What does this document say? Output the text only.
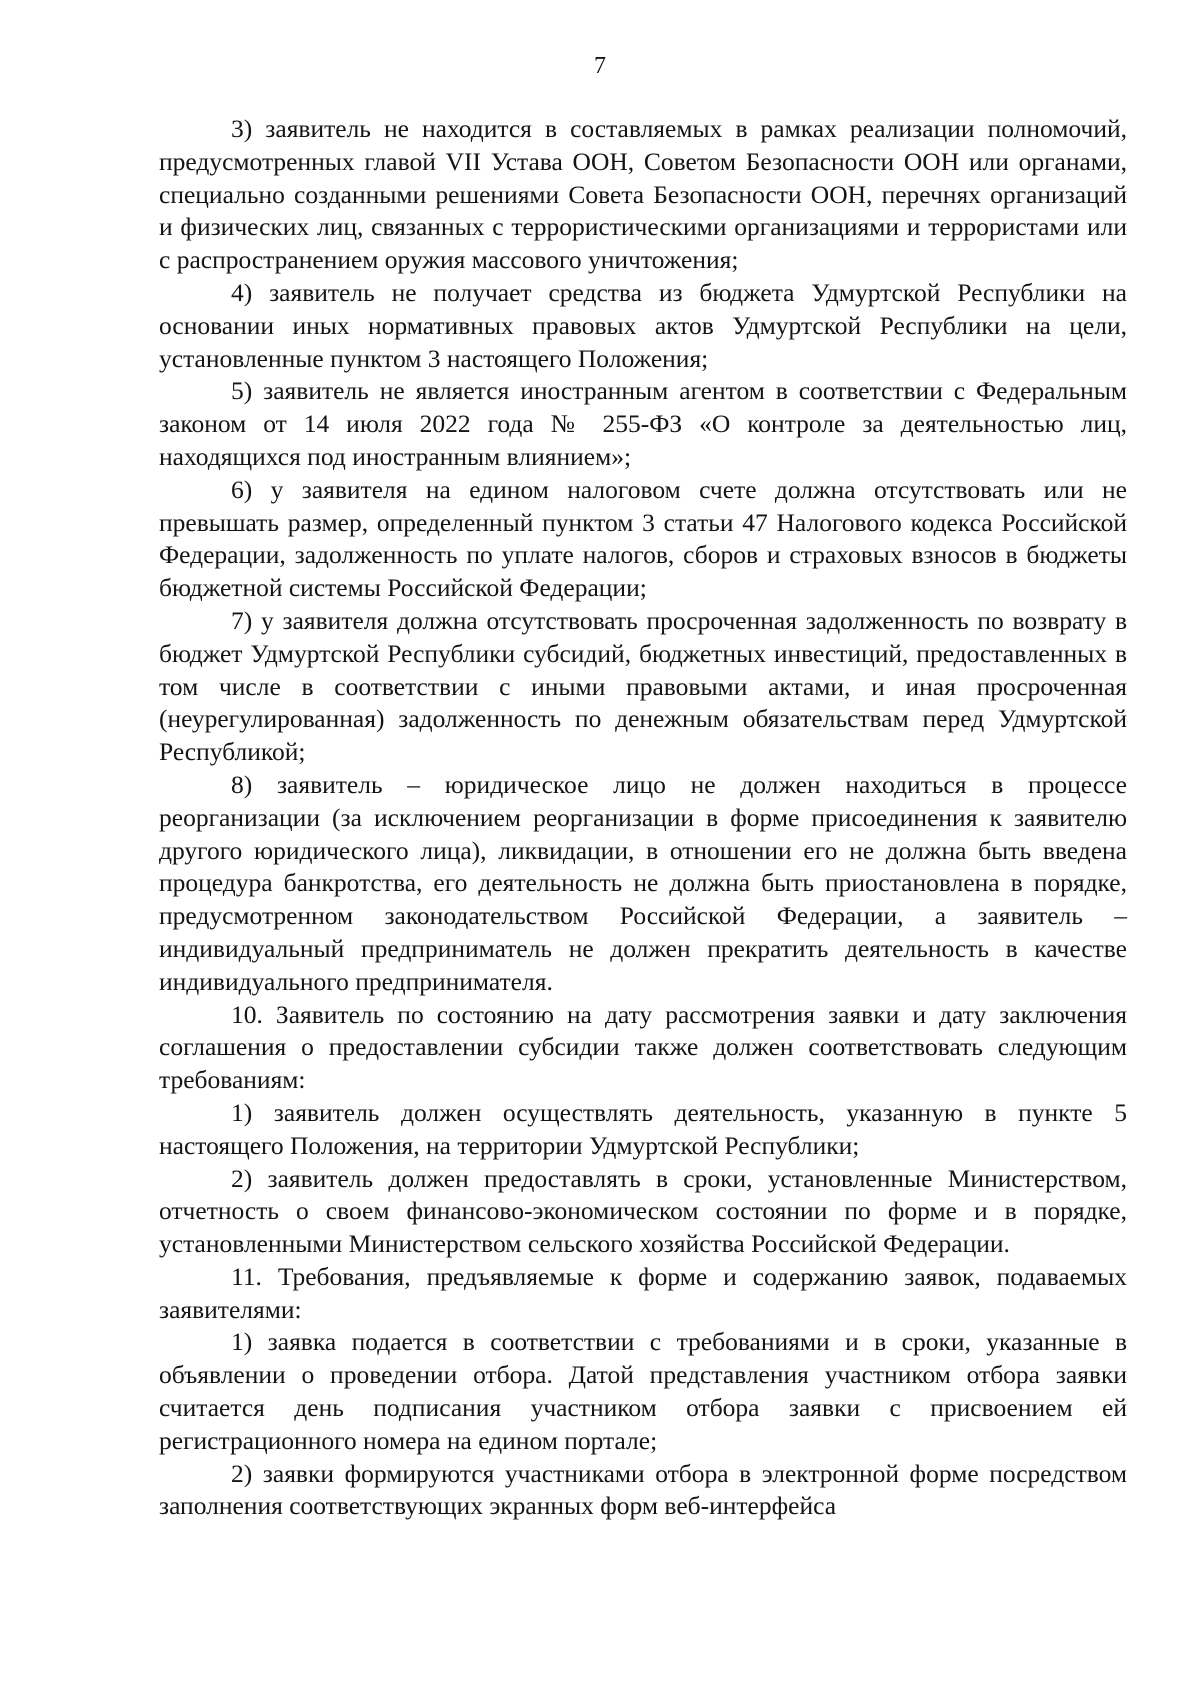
7

3) заявитель не находится в составляемых в рамках реализации полномочий, предусмотренных главой VII Устава ООН, Советом Безопасности ООН или органами, специально созданными решениями Совета Безопасности ООН, перечнях организаций и физических лиц, связанных с террористическими организациями и террористами или с распространением оружия массового уничтожения;

4) заявитель не получает средства из бюджета Удмуртской Республики на основании иных нормативных правовых актов Удмуртской Республики на цели, установленные пунктом 3 настоящего Положения;

5) заявитель не является иностранным агентом в соответствии с Федеральным законом от 14 июля 2022 года № 255-ФЗ «О контроле за деятельностью лиц, находящихся под иностранным влиянием»;

6) у заявителя на едином налоговом счете должна отсутствовать или не превышать размер, определенный пунктом 3 статьи 47 Налогового кодекса Российской Федерации, задолженность по уплате налогов, сборов и страховых взносов в бюджеты бюджетной системы Российской Федерации;

7) у заявителя должна отсутствовать просроченная задолженность по возврату в бюджет Удмуртской Республики субсидий, бюджетных инвестиций, предоставленных в том числе в соответствии с иными правовыми актами, и иная просроченная (неурегулированная) задолженность по денежным обязательствам перед Удмуртской Республикой;

8) заявитель – юридическое лицо не должен находиться в процессе реорганизации (за исключением реорганизации в форме присоединения к заявителю другого юридического лица), ликвидации, в отношении его не должна быть введена процедура банкротства, его деятельность не должна быть приостановлена в порядке, предусмотренном законодательством Российской Федерации, а заявитель – индивидуальный предприниматель не должен прекратить деятельность в качестве индивидуального предпринимателя.

10. Заявитель по состоянию на дату рассмотрения заявки и дату заключения соглашения о предоставлении субсидии также должен соответствовать следующим требованиям:

1) заявитель должен осуществлять деятельность, указанную в пункте 5 настоящего Положения, на территории Удмуртской Республики;

2) заявитель должен предоставлять в сроки, установленные Министерством, отчетность о своем финансово-экономическом состоянии по форме и в порядке, установленными Министерством сельского хозяйства Российской Федерации.

11. Требования, предъявляемые к форме и содержанию заявок, подаваемых заявителями:

1) заявка подается в соответствии с требованиями и в сроки, указанные в объявлении о проведении отбора. Датой представления участником отбора заявки считается день подписания участником отбора заявки с присвоением ей регистрационного номера на едином портале;

2) заявки формируются участниками отбора в электронной форме посредством заполнения соответствующих экранных форм веб-интерфейса
